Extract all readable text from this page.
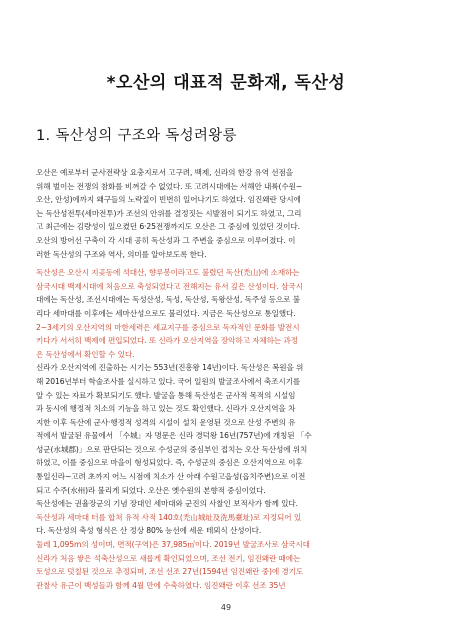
*오산의 대표적 문화재, 독산성
1. 독산성의 구조와 독성려왕릉
오산은 예로부터 군사전략상 요충지로서 고구려, 백제, 신라의 한강 유역 선점을
위해 벌이는 전쟁의 참화를 비껴갈 수 없었다. 또 고려시대에는 서해안 내륙(수원~
오산, 안성)에까지 왜구들의 노략질이 빈번히 일어나기도 하였다. 임진왜란 당시에
는 독산성전투(세마전투)가 조선의 안위를 결정짓는 시발점이 되기도 하였고, 그리
고 최근에는 김량성이 일으켰던 6·25전쟁까지도 오산은 그 중심에 있었던 것이다.
오산의 방어선 구축이 각 시대 공히 독산성과 그 주변을 중심으로 이루어졌다. 이
러한 독산성의 구조와 역사, 의미를 알아보도록 한다.
독산성은 오산시 지곶동에 석대산, 향루봉이라고도 불렸던 독산(禿山)에 소재하는
삼국시대 백제시대에 처음으로 축성되었다고 전해지는 유서 깊은 산성이다. 삼국시
대에는 독산성, 조선시대에는 독성산성, 독성, 독산성, 독왕산성, 독주성 등으로 불
리다 세마대를 이후에는 세마산성으로도 불리었다. 지금은 독산성으로 통일했다.
2~3세기의 오산지역의 마한세력은 세교지구를 중심으로 독자적인 문화를 발전시
키다가 서서히 백제에 편입되었다. 또 신라가 오산지역을 장악하고 자체하는 과정
은 독산성에서 확인할 수 있다.
신라가 오산지역에 진출하는 시기는 553년(진흥왕 14년)이다. 독산성은 복원을 위
해 2016년부터 학술조사를 실시하고 있다. 국어 일원의 발굴조사에서 축조시기를
알 수 있는 자료가 확보되기도 했다. 발굴을 통해 독산성은 군사적 목적의 시설임
과 동시에 행정적 치소의 기능을 하고 있는 것도 확인했다. 신라가 오산지역을 차
지한 이후 독산에 군사·행정적 성격의 시설이 설치 운영된 것으로 산성 주변의 유
적에서 발굴된 유물에서 「수城」자 명문은 신라 경덕왕 16년(757년)에 개칭된 「수
성군(水城郡)」으로 판단되는 것으로 수성군의 중심부인 접치는 오산 독산성에 위치
하였고, 이를 중심으로 마을이 형성되었다. 즉, 수성군의 중심은 오산지역으로 이후
통일신라~고려 초까지 어느 시점에 치소가 산 아래 수원고읍성(읍치주변)으로 이전
되고 수주(水州)라 불리게 되었다. 오산은 옛수원의 본향적 중심이었다.
독산성에는 권율장군의 기념 장대인 세마대와 군진의 사찰인 보적사가 함께 있다.
독산성과 세마대 터를 합쳐 유적 사적 140호(禿山城址及洗馬臺址)로 지정되어 있
다. 독산성의 축성 형식은 산 정상 80% 능선에 세운 테뫼식 산성이다.
둘레 1,095m의 성이며, 면적(구역)은 37,985㎡이다. 2019년 발굴조사로 삼국시대
신라가 처음 쌓은 석축산성으로 새롭게 확인되었으며, 조선 전기, 임진왜란 때에는
토성으로 덧칠된 것으로 추정되며, 조선 선조 27년(1594년 임진왜란 중)에 경기도
관찰사 유근이 백성들과 함께 4월 만에 수축하였다. 임진왜란 이후 선조 35년
49
